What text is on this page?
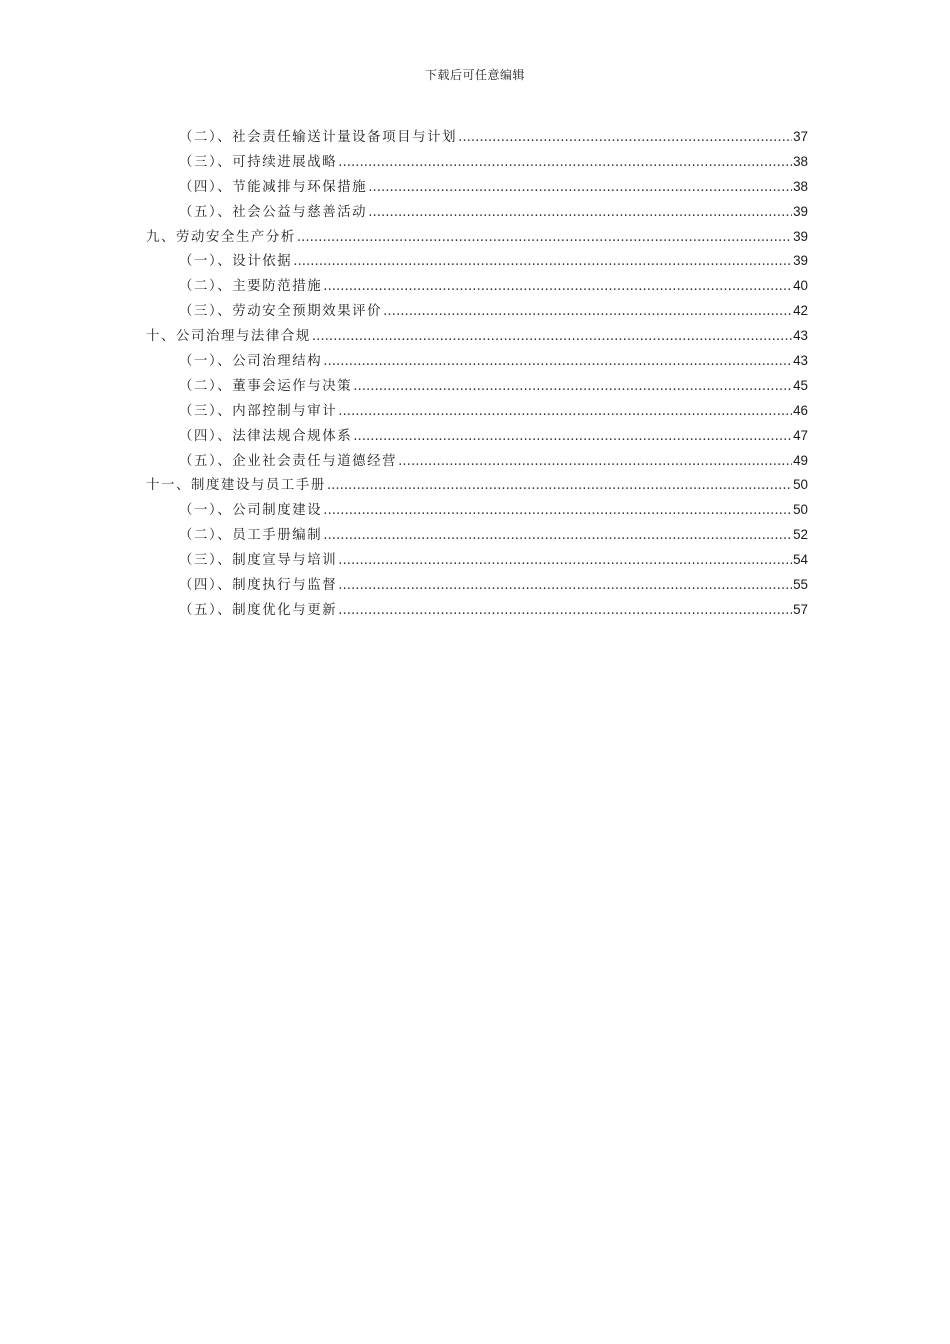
下载后可任意编辑
（二）、社会责任输送计量设备项目与计划 .....	37
（三）、可持续进展战略 .....	38
（四）、节能减排与环保措施 .....	38
（五）、社会公益与慈善活动 .....	39
九、劳动安全生产分析 .....	39
（一）、设计依据 .....	39
（二）、主要防范措施 .....	40
（三）、劳动安全预期效果评价 .....	42
十、公司治理与法律合规 .....	43
（一）、公司治理结构 .....	43
（二）、董事会运作与决策 .....	45
（三）、内部控制与审计 .....	46
（四）、法律法规合规体系 .....	47
（五）、企业社会责任与道德经营 .....	49
十一、制度建设与员工手册 .....	50
（一）、公司制度建设 .....	50
（二）、员工手册编制 .....	52
（三）、制度宣导与培训 .....	54
（四）、制度执行与监督 .....	55
（五）、制度优化与更新 .....	57
